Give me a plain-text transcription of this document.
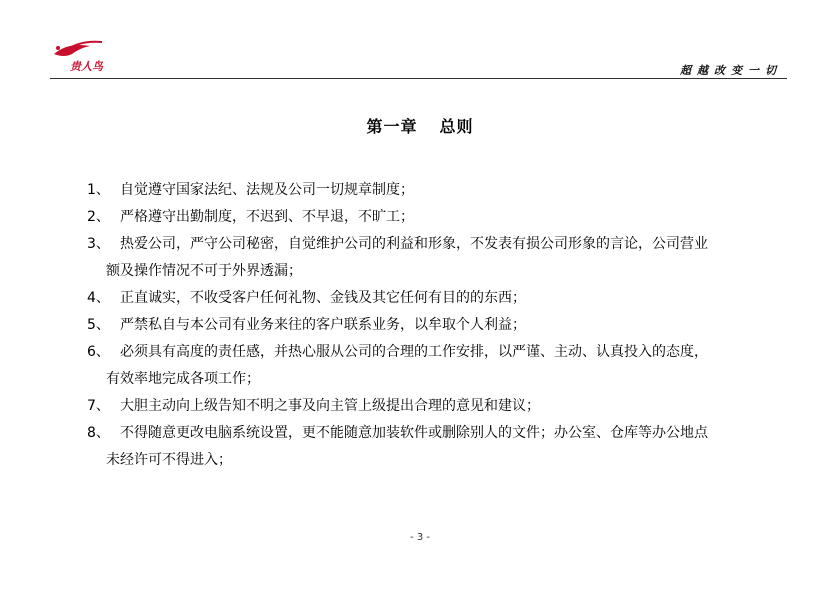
贵人鸟	超越改变一切
第一章 总则
1、 自觉遵守国家法纪、法规及公司一切规章制度；
2、 严格遵守出勤制度，不迟到、不早退，不旷工；
3、 热爱公司，严守公司秘密，自觉维护公司的利益和形象，不发表有损公司形象的言论，公司营业
额及操作情况不可于外界透漏；
4、 正直诚实，不收受客户任何礼物、金钱及其它任何有目的的东西；
5、 严禁私自与本公司有业务来往的客户联系业务，以牟取个人利益；
6、 必须具有高度的责任感，并热心服从公司的合理的工作安排，以严谨、主动、认真投入的态度，
有效率地完成各项工作；
7、 大胆主动向上级告知不明之事及向主管上级提出合理的意见和建议；
8、 不得随意更改电脑系统设置，更不能随意加装软件或删除别人的文件；办公室、仓库等办公地点
未经许可不得进入；
- 3 -
